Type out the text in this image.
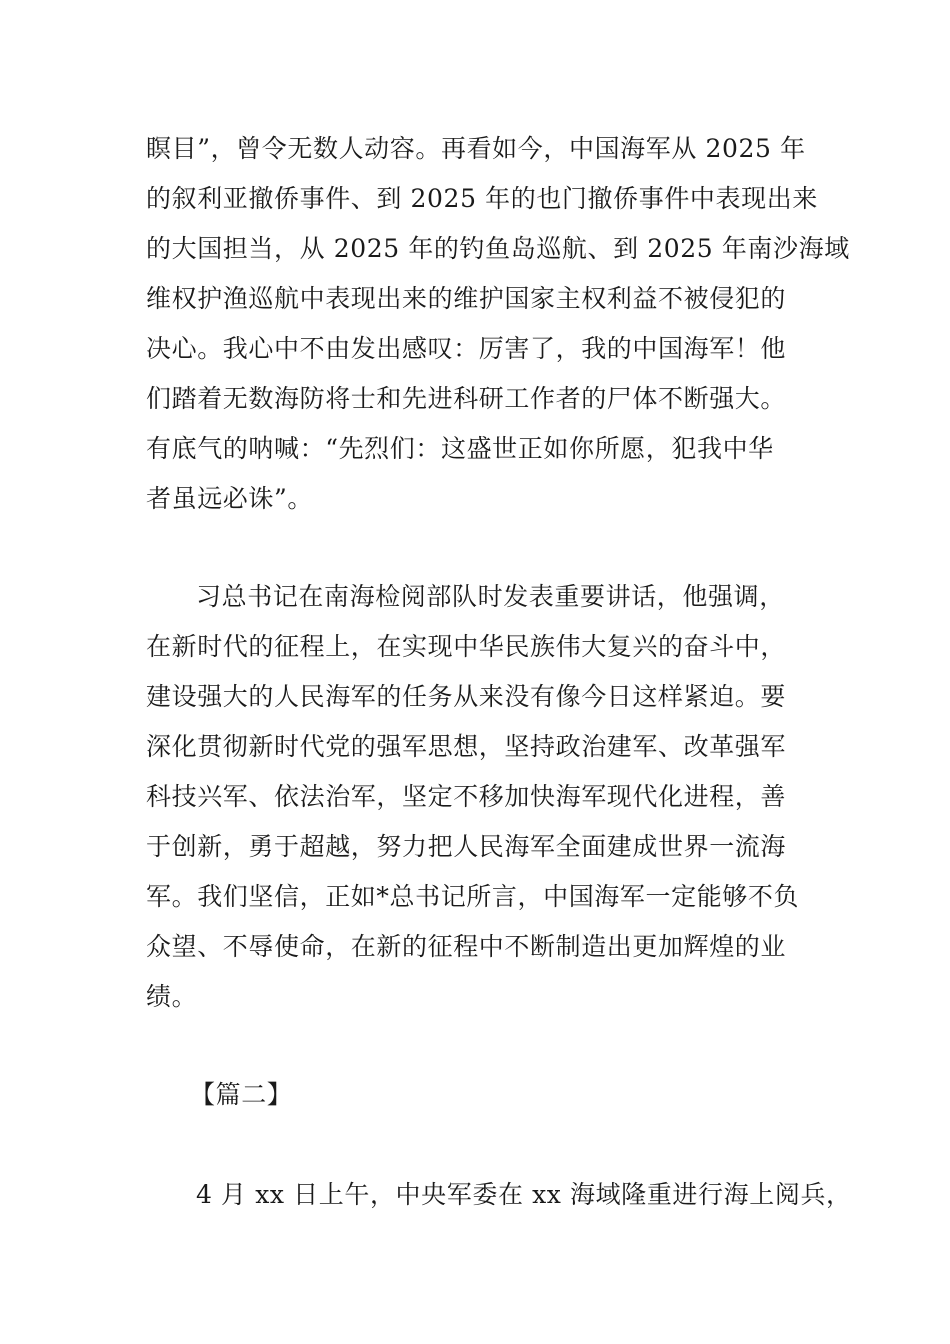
瞑目”，曾令无数人动容。再看如今，中国海军从 2025 年
的叙利亚撤侨事件、到 2025 年的也门撤侨事件中表现出来
的大国担当，从 2025 年的钓鱼岛巡航、到 2025 年南沙海域
维权护渔巡航中表现出来的维护国家主权利益不被侵犯的
决心。我心中不由发出感叹：厉害了，我的中国海军！他
们踏着无数海防将士和先进科研工作者的尸体不断强大。
有底气的呐喊：“先烈们：这盛世正如你所愿，犯我中华
者虽远必诛”。
习总书记在南海检阅部队时发表重要讲话，他强调，
在新时代的征程上，在实现中华民族伟大复兴的奋斗中，
建设强大的人民海军的任务从来没有像今日这样紧迫。要
深化贯彻新时代党的强军思想，坚持政治建军、改革强军
科技兴军、依法治军，坚定不移加快海军现代化进程，善
于创新，勇于超越，努力把人民海军全面建成世界一流海
军。我们坚信，正如*总书记所言，中国海军一定能够不负
众望、不辱使命，在新的征程中不断制造出更加辉煌的业
绩。
【篇二】
4 月 xx 日上午，中央军委在 xx 海域隆重进行海上阅兵，
